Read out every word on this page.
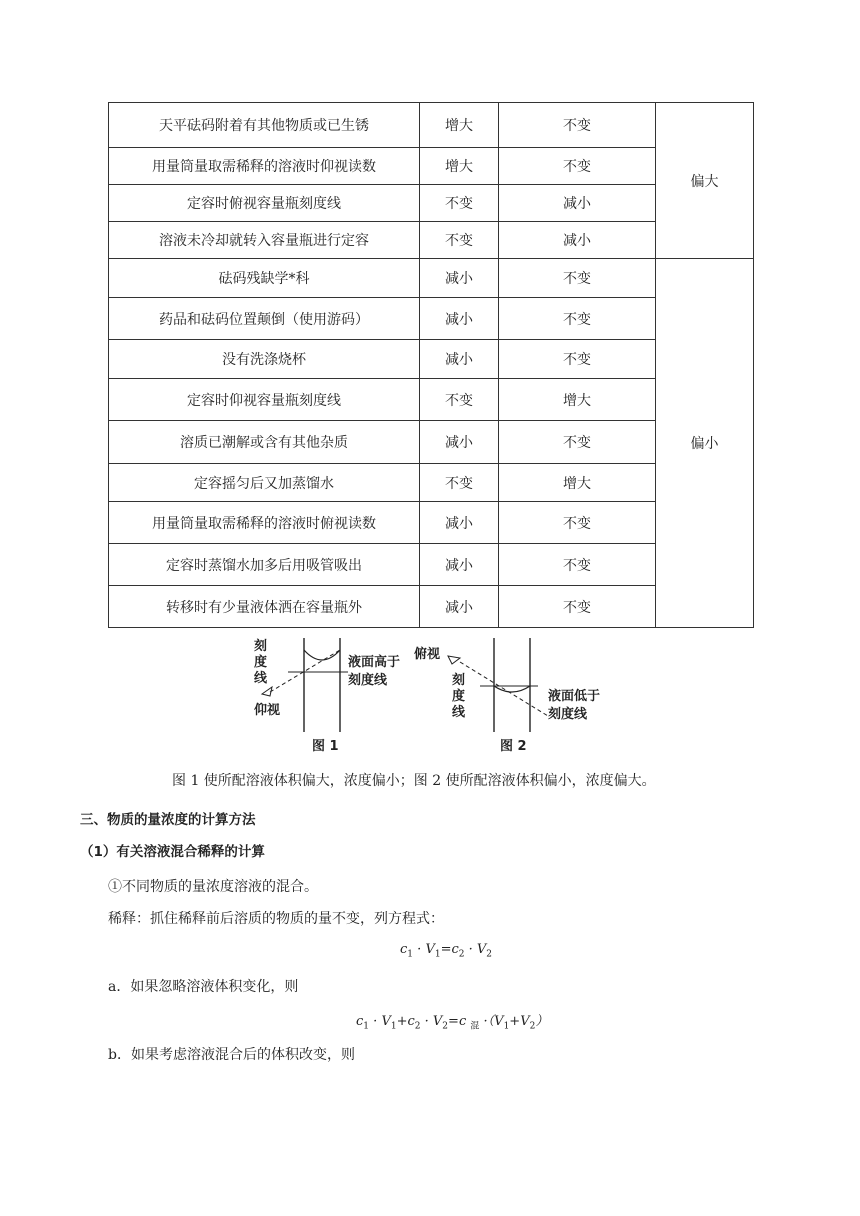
天平砝码附着有其他物质或已生锈	增大	不变	偏大
用量筒量取需稀释的溶液时仰视读数	增大	不变	
定容时俯视容量瓶刻度线	不变	减小	
溶液未冷却就转入容量瓶进行定容	不变	减小	
砝码残缺学*科	减小	不变	偏小
药品和砝码位置颠倒（使用游码）	减小	不变	
没有洗涤烧杯	减小	不变	
定容时仰视容量瓶刻度线	不变	增大	
溶质已潮解或含有其他杂质	减小	不变	
定容摇匀后又加蒸馏水	不变	增大	
用量筒量取需稀释的溶液时俯视读数	减小	不变	
定容时蒸馏水加多后用吸管吸出	减小	不变	
转移时有少量液体洒在容量瓶外	减小	不变	
刻
度
线
仰视
液面高于
刻度线
图 1
俯视
刻
度
线
液面低于
刻度线
图 2
图 1 使所配溶液体积偏大，浓度偏小；图 2 使所配溶液体积偏小，浓度偏大。
三、物质的量浓度的计算方法
（1）有关溶液混合稀释的计算
①不同物质的量浓度溶液的混合。
稀释：抓住稀释前后溶质的物质的量不变，列方程式：
$c_1 \cdot V_1=c_2 \cdot V_2$
a．如果忽略溶液体积变化，则
$c_1 \cdot V_1+c_2 \cdot V_2=c$ $_混 \cdot(V_1+V_2)$
b．如果考虑溶液混合后的体积改变，则
